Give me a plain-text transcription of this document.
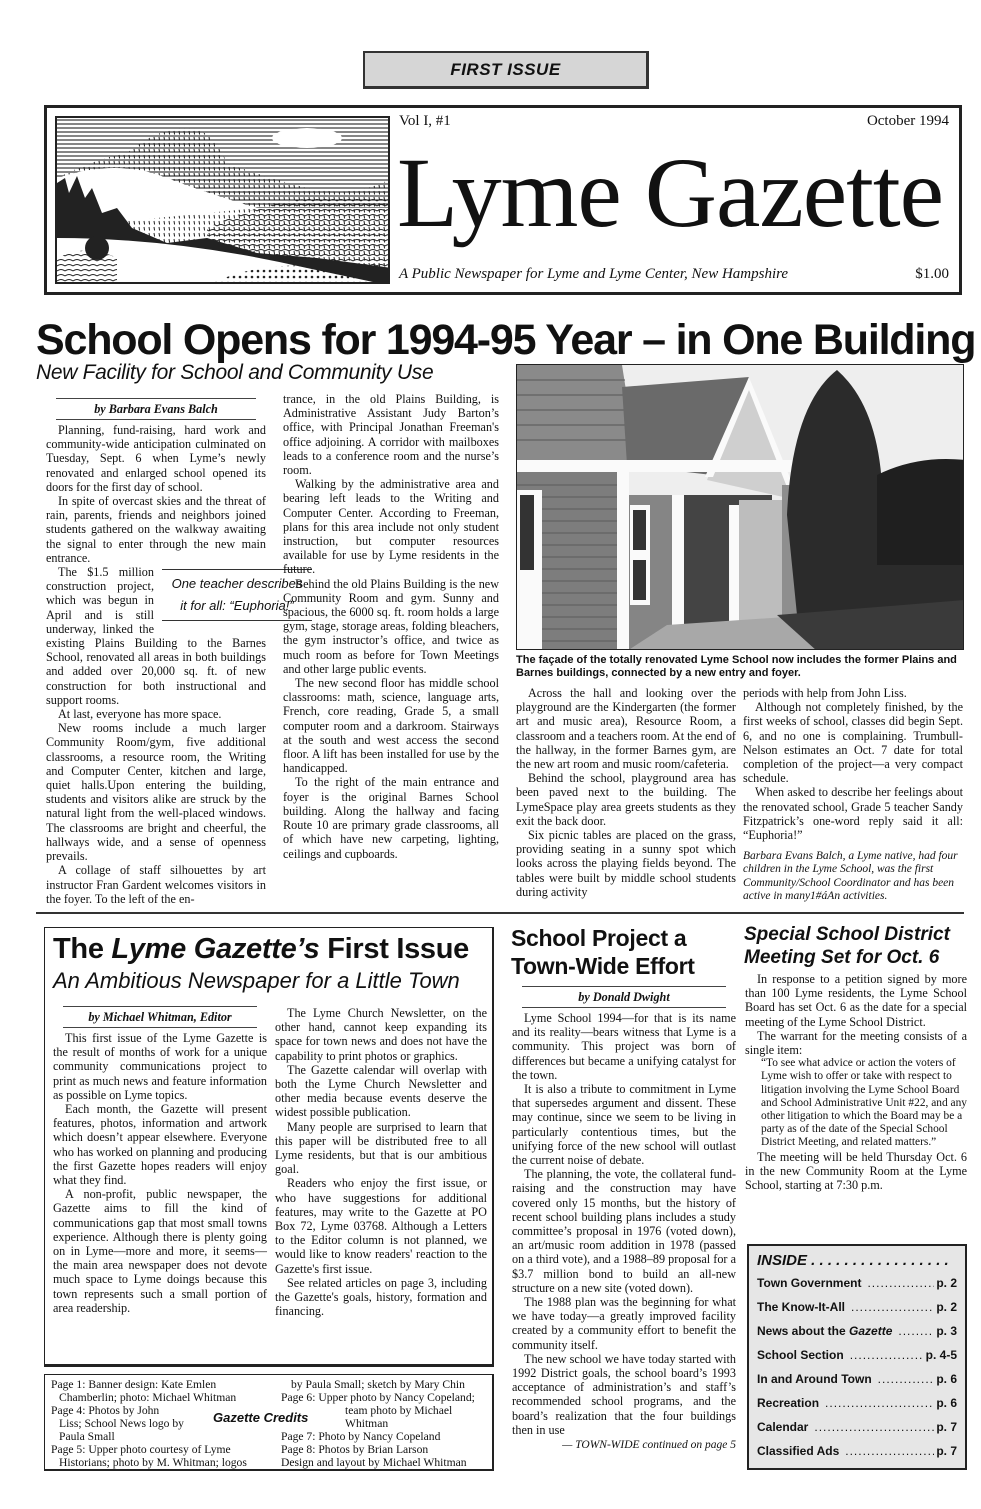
FIRST ISSUE
Vol I, #1	October 1994
Lyme Gazette
A Public Newspaper for Lyme and Lyme Center, New Hampshire	$1.00
School Opens for 1994-95 Year – in One Building
New Facility for School and Community Use
by Barbara Evans Balch

Planning, fund-raising, hard work and community-wide anticipation culminated on Tuesday, Sept. 6 when Lyme’s newly renovated and enlarged school opened its doors for the first day of school.

In spite of overcast skies and the threat of rain, parents, friends and neighbors joined students gathered on the walkway awaiting the signal to enter through the new main entrance.

One teacher describes
it for all: “Euphoria!”

The $1.5 million construction project, which was begun in April and is still underway, linked the existing Plains Building to the Barnes School, renovated all areas in both buildings and added over 20,000 sq. ft. of new construction for both instructional and support rooms.

At last, everyone has more space.

New rooms include a much larger Community Room/gym, five additional classrooms, a resource room, the Writing and Computer Center, kitchen and large, quiet halls.Upon entering the building, students and visitors alike are struck by the natural light from the well-placed windows. The classrooms are bright and cheerful, the hallways wide, and a sense of openness prevails.

A collage of staff silhouettes by art instructor Fran Gardent welcomes visitors in the foyer. To the left of the en-

trance, in the old Plains Building, is Administrative Assistant Judy Barton’s office, with Principal Jonathan Freeman's office adjoining. A corridor with mailboxes leads to a conference room and the nurse’s room.

Walking by the administrative area and bearing left leads to the Writing and Computer Center. According to Freeman, plans for this area include not only student instruction, but computer resources available for use by Lyme residents in the future.

Behind the old Plains Building is the new Community Room and gym. Sunny and spacious, the 6000 sq. ft. room holds a large gym, stage, storage areas, folding bleachers, the gym instructor’s office, and twice as much room as before for Town Meetings and other large public events.

The new second floor has middle school classrooms: math, science, language arts, French, core reading, Grade 5, a small computer room and a darkroom. Stairways at the south and west access the second floor. A lift has been installed for use by the handicapped.

To the right of the main entrance and foyer is the original Barnes School building. Along the hallway and facing Route 10 are primary grade classrooms, all of which have new carpeting, lighting, ceilings and cupboards.

The façade of the totally renovated Lyme School now includes the former Plains and Barnes buildings, connected by a new entry and foyer.

Across the hall and looking over the playground are the Kindergarten (the former art and music area), Resource Room, a classroom and a teachers room. At the end of the hallway, in the former Barnes gym, are the new art room and music room/cafeteria.

Behind the school, playground area has been paved next to the building. The LymeSpace play area greets students as they exit the back door.

Six picnic tables are placed on the grass, providing seating in a sunny spot which looks across the playing fields beyond. The tables were built by middle school students during activity

periods with help from John Liss.

Although not completely finished, by the first weeks of school, classes did begin Sept. 6, and no one is complaining. Trumbull-Nelson estimates an Oct. 7 date for total completion of the project—a very compact schedule.

When asked to describe her feelings about the renovated school, Grade 5 teacher Sandy Fitzpatrick’s one-word reply said it all: “Euphoria!”

Barbara Evans Balch, a Lyme native, had four children in the Lyme School, was the first Community/School Coordinator and has been active in many1#áAn activities.

The Lyme Gazette’s First Issue
An Ambitious Newspaper for a Little Town
by Michael Whitman, Editor

This first issue of the Lyme Gazette is the result of months of work for a unique community communications project to print as much news and feature information as possible on Lyme topics.

Each month, the Gazette will present features, photos, information and artwork which doesn’t appear elsewhere. Everyone who has worked on planning and producing the first Gazette hopes readers will enjoy what they find.

A non-profit, public newspaper, the Gazette aims to fill the kind of communications gap that most small towns experience. Although there is plenty going on in Lyme—more and more, it seems—the main area newspaper does not devote much space to Lyme doings because this town represents such a small portion of area readership.

The Lyme Church Newsletter, on the other hand, cannot keep expanding its space for town news and does not have the capability to print photos or graphics.

The Gazette calendar will overlap with both the Lyme Church Newsletter and other media because events deserve the widest possible publication.

Many people are surprised to learn that this paper will be distributed free to all Lyme residents, but that is our ambitious goal.

Readers who enjoy the first issue, or who have suggestions for additional features, may write to the Gazette at PO Box 72, Lyme 03768. Although a Letters to the Editor column is not planned, we would like to know readers' reaction to the Gazette's first issue.

See related articles on page 3, including the Gazette's goals, history, formation and financing.

Page 1: Banner design: Kate Emlen
Chamberlin; photo: Michael Whitman
Page 4: Photos by John
Liss; School News logo by
Paula Small
Page 5: Upper photo courtesy of Lyme
Historians; photo by M. Whitman; logos
Gazette Credits
by Paula Small; sketch by Mary Chin
Page 6: Upper photo by Nancy Copeland;
team photo by Michael
Whitman
Page 7: Photo by Nancy Copeland
Page 8: Photos by Brian Larson
Design and layout by Michael Whitman
School Project a Town-Wide Effort
by Donald Dwight

Lyme School 1994—for that is its name and its reality—bears witness that Lyme is a community. This project was born of differences but became a unifying catalyst for the town.

It is also a tribute to commitment in Lyme that supersedes argument and dissent. These may continue, since we seem to be living in particularly contentious times, but the unifying force of the new school will outlast the current noise of debate.

The planning, the vote, the collateral fund-raising and the construction may have covered only 15 months, but the history of recent school building plans includes a study committee’s proposal in 1976 (voted down), an art/music room addition in 1978 (passed on a third vote), and a 1988–89 proposal for a $3.7 million bond to build an all-new structure on a new site (voted down).

The 1988 plan was the beginning for what we have today—a greatly improved facility created by a community effort to benefit the community itself.

The new school we have today started with 1992 District goals, the school board’s 1993 acceptance of administration’s and staff’s recommended school programs, and the board’s realization that the four buildings then in use

— TOWN-WIDE continued on page 5
Special School District Meeting Set for Oct. 6

In response to a petition signed by more than 100 Lyme residents, the Lyme School Board has set Oct. 6 as the date for a special meeting of the Lyme School District.

The warrant for the meeting consists of a single item:

“To see what advice or action the voters of Lyme wish to offer or take with respect to litigation involving the Lyme School Board and School Administrative Unit #22, and any other litigation to which the Board may be a party as of the date of the Special School District Meeting, and related matters.”

The meeting will be held Thursday Oct. 6 in the new Community Room at the Lyme School, starting at 7:30 p.m.

INSIDE . . . . . . . . . . . . . . . . .
Town Government .....	p. 2
The Know-It-All .....	p. 2
News about the Gazette .....	p. 3
School Section .....	p. 4-5
In and Around Town .....	p. 6
Recreation .....	p. 6
Calendar .....	p. 7
Classified Ads .....	p. 7
